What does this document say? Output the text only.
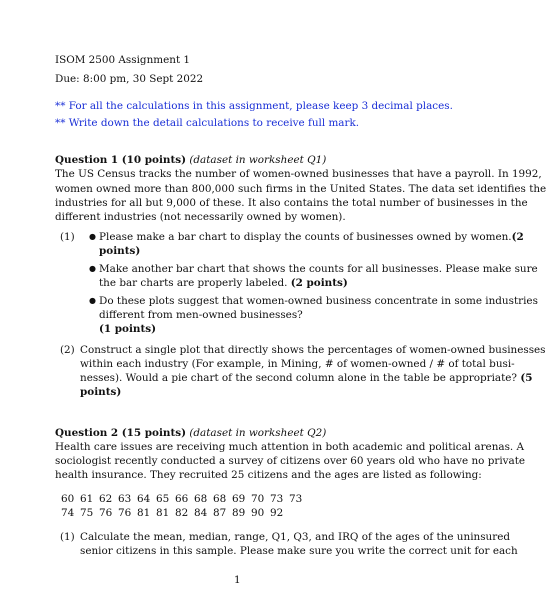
ISOM 2500 Assignment 1
Due: 8:00 pm, 30 Sept 2022
** For all the calculations in this assignment, please keep 3 decimal places.
** Write down the detail calculations to receive full mark.
Question 1 (10 points) (dataset in worksheet Q1)
The US Census tracks the number of women-owned businesses that have a payroll. In 1992,
women owned more than 800,000 such firms in the United States. The data set identifies the
industries for all but 9,000 of these. It also contains the total number of businesses in the
different industries (not necessarily owned by women).
(1) ● Please make a bar chart to display the counts of businesses owned by women.(2
points)
● Make another bar chart that shows the counts for all businesses. Please make sure
the bar charts are properly labeled. (2 points)
● Do these plots suggest that women-owned business concentrate in some industries
different from men-owned businesses?
(1 points)
(2) Construct a single plot that directly shows the percentages of women-owned businesses
within each industry (For example, in Mining, # of women-owned / # of total busi-
nesses). Would a pie chart of the second column alone in the table be appropriate? (5
points)
Question 2 (15 points) (dataset in worksheet Q2)
Health care issues are receiving much attention in both academic and political arenas. A
sociologist recently conducted a survey of citizens over 60 years old who have no private
health insurance. They recruited 25 citizens and the ages are listed as following:
60 61 62 63 64 65 66 68 68 69 70 73 73
74 75 76 76 81 81 82 84 87 89 90 92
(1) Calculate the mean, median, range, Q1, Q3, and IRQ of the ages of the uninsured
senior citizens in this sample. Please make sure you write the correct unit for each
1
